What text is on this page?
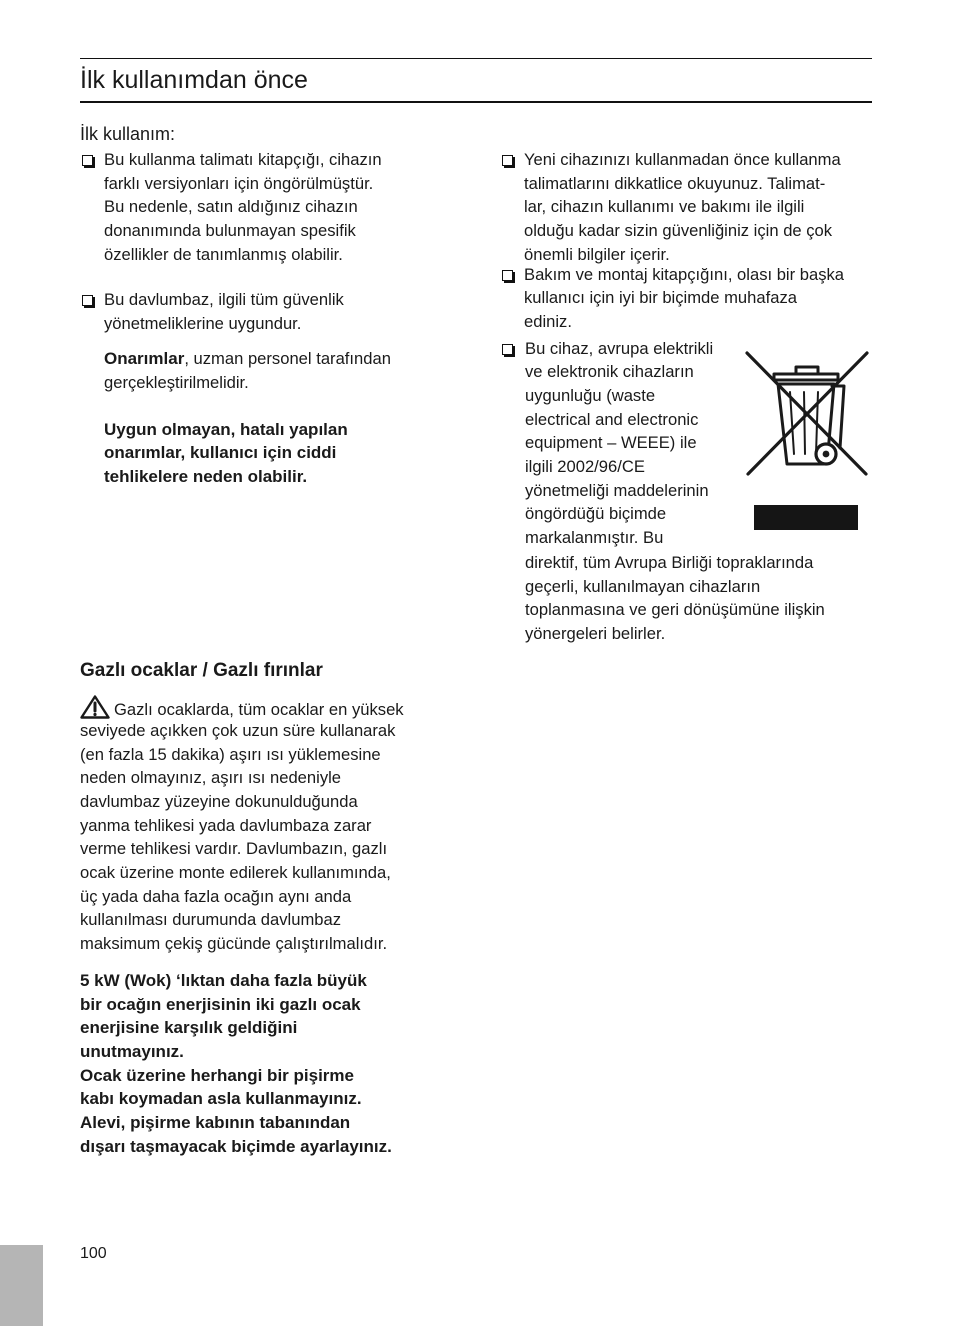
İlk kullanımdan önce

İlk kullanım:

Bu kullanma talimatı kitapçığı, cihazın

farklı versiyonları için öngörülmüştür.

Bu nedenle, satın aldığınız cihazın

donanımında bulunmayan spesifik

özellikler de tanımlanmış olabilir.

Bu davlumbaz, ilgili tüm güvenlik

yönetmeliklerine uygundur.

Onarımlar, uzman personel tarafından

gerçekleştirilmelidir.

Uygun olmayan, hatalı yapılan

onarımlar, kullanıcı için ciddi

tehlikelere neden olabilir.

Yeni cihazınızı kullanmadan önce kullanma

talimatlarını dikkatlice okuyunuz. Talimat-

lar, cihazın kullanımı ve bakımı ile ilgili

olduğu kadar sizin güvenliğiniz için de çok

önemli bilgiler içerir.

Bakım ve montaj kitapçığını, olası bir başka

kullanıcı için iyi bir biçimde muhafaza

ediniz.

Bu cihaz, avrupa elektrikli

ve elektronik cihazların

uygunluğu (waste

electrical and electronic

equipment – WEEE) ile

ilgili 2002/96/CE

yönetmeliği maddelerinin

öngördüğü biçimde

markalanmıştır. Bu

direktif, tüm Avrupa Birliği topraklarında

geçerli, kullanılmayan cihazların

toplanmasına ve geri dönüşümüne ilişkin

yönergeleri belirler.

Gazlı ocaklar / Gazlı fırınlar

Gazlı ocaklarda, tüm ocaklar en yüksek

seviyede açıkken çok uzun süre kullanarak

(en fazla 15 dakika) aşırı ısı yüklemesine

neden olmayınız, aşırı ısı nedeniyle

davlumbaz yüzeyine dokunulduğunda

yanma tehlikesi yada davlumbaza zarar

verme tehlikesi vardır. Davlumbazın, gazlı

ocak üzerine monte edilerek kullanımında,

üç yada daha fazla ocağın aynı anda

kullanılması durumunda davlumbaz

maksimum çekiş gücünde çalıştırılmalıdır.

5 kW (Wok) ‘lıktan daha fazla büyük

bir ocağın enerjisinin iki gazlı ocak

enerjisine karşılık geldiğini

unutmayınız.

Ocak üzerine herhangi bir pişirme

kabı koymadan asla kullanmayınız.

Alevi, pişirme kabının tabanından

dışarı taşmayacak biçimde ayarlayınız.

100
